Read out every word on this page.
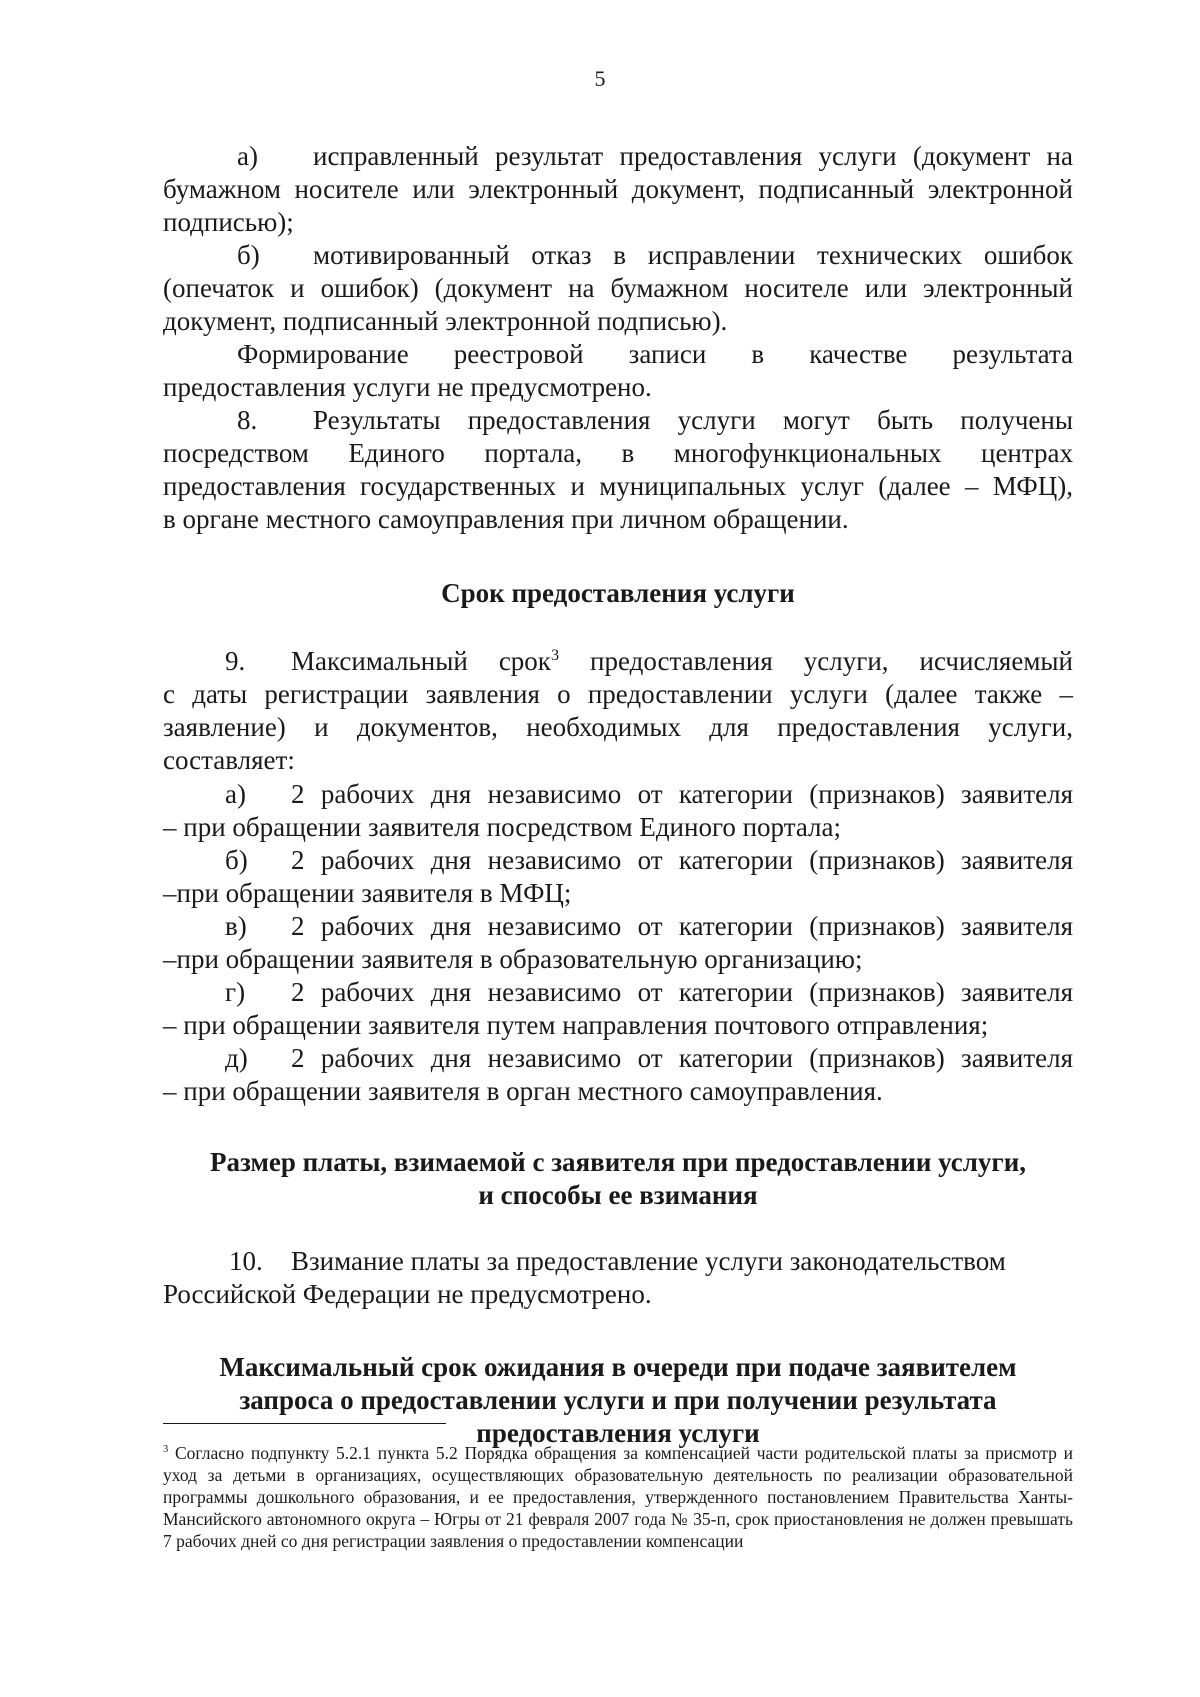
5

а) исправленный результат предоставления услуги (документ на

бумажном носителе или электронный документ, подписанный электронной

подписью);

б) мотивированный отказ в исправлении технических ошибок

(опечаток и ошибок) (документ на бумажном носителе или электронный

документ, подписанный электронной подписью).

Формирование реестровой записи в качестве результата

предоставления услуги не предусмотрено.

8. Результаты предоставления услуги могут быть получены

посредством Единого портала, в многофункциональных центрах

предоставления государственных и муниципальных услуг (далее – МФЦ),

в органе местного самоуправления при личном обращении.

Срок предоставления услуги

9. Максимальный срок$^3$ предоставления услуги, исчисляемый

с даты регистрации заявления о предоставлении услуги (далее также –

заявление) и документов, необходимых для предоставления услуги,

составляет:

а) 2 рабочих дня независимо от категории (признаков) заявителя

– при обращении заявителя посредством Единого портала;

б) 2 рабочих дня независимо от категории (признаков) заявителя

–при обращении заявителя в МФЦ;

в) 2 рабочих дня независимо от категории (признаков) заявителя

–при обращении заявителя в образовательную организацию;

г) 2 рабочих дня независимо от категории (признаков) заявителя

– при обращении заявителя путем направления почтового отправления;

д) 2 рабочих дня независимо от категории (признаков) заявителя

– при обращении заявителя в орган местного самоуправления.

Размер платы, взимаемой с заявителя при предоставлении услуги,

и способы ее взимания

10. Взимание платы за предоставление услуги законодательством

Российской Федерации не предусмотрено.

Максимальный срок ожидания в очереди при подаче заявителем

запроса о предоставлении услуги и при получении результата

предоставления услуги

$^3$ Согласно подпункту 5.2.1 пункта 5.2 Порядка обращения за компенсацией части родительской платы за присмотр и уход за детьми в организациях, осуществляющих образовательную деятельность по реализации образовательной программы дошкольного образования, и ее предоставления, утвержденного постановлением Правительства Ханты-Мансийского автономного округа – Югры от 21 февраля 2007 года № 35-п, срок приостановления не должен превышать 7 рабочих дней со дня регистрации заявления о предоставлении компенсации
